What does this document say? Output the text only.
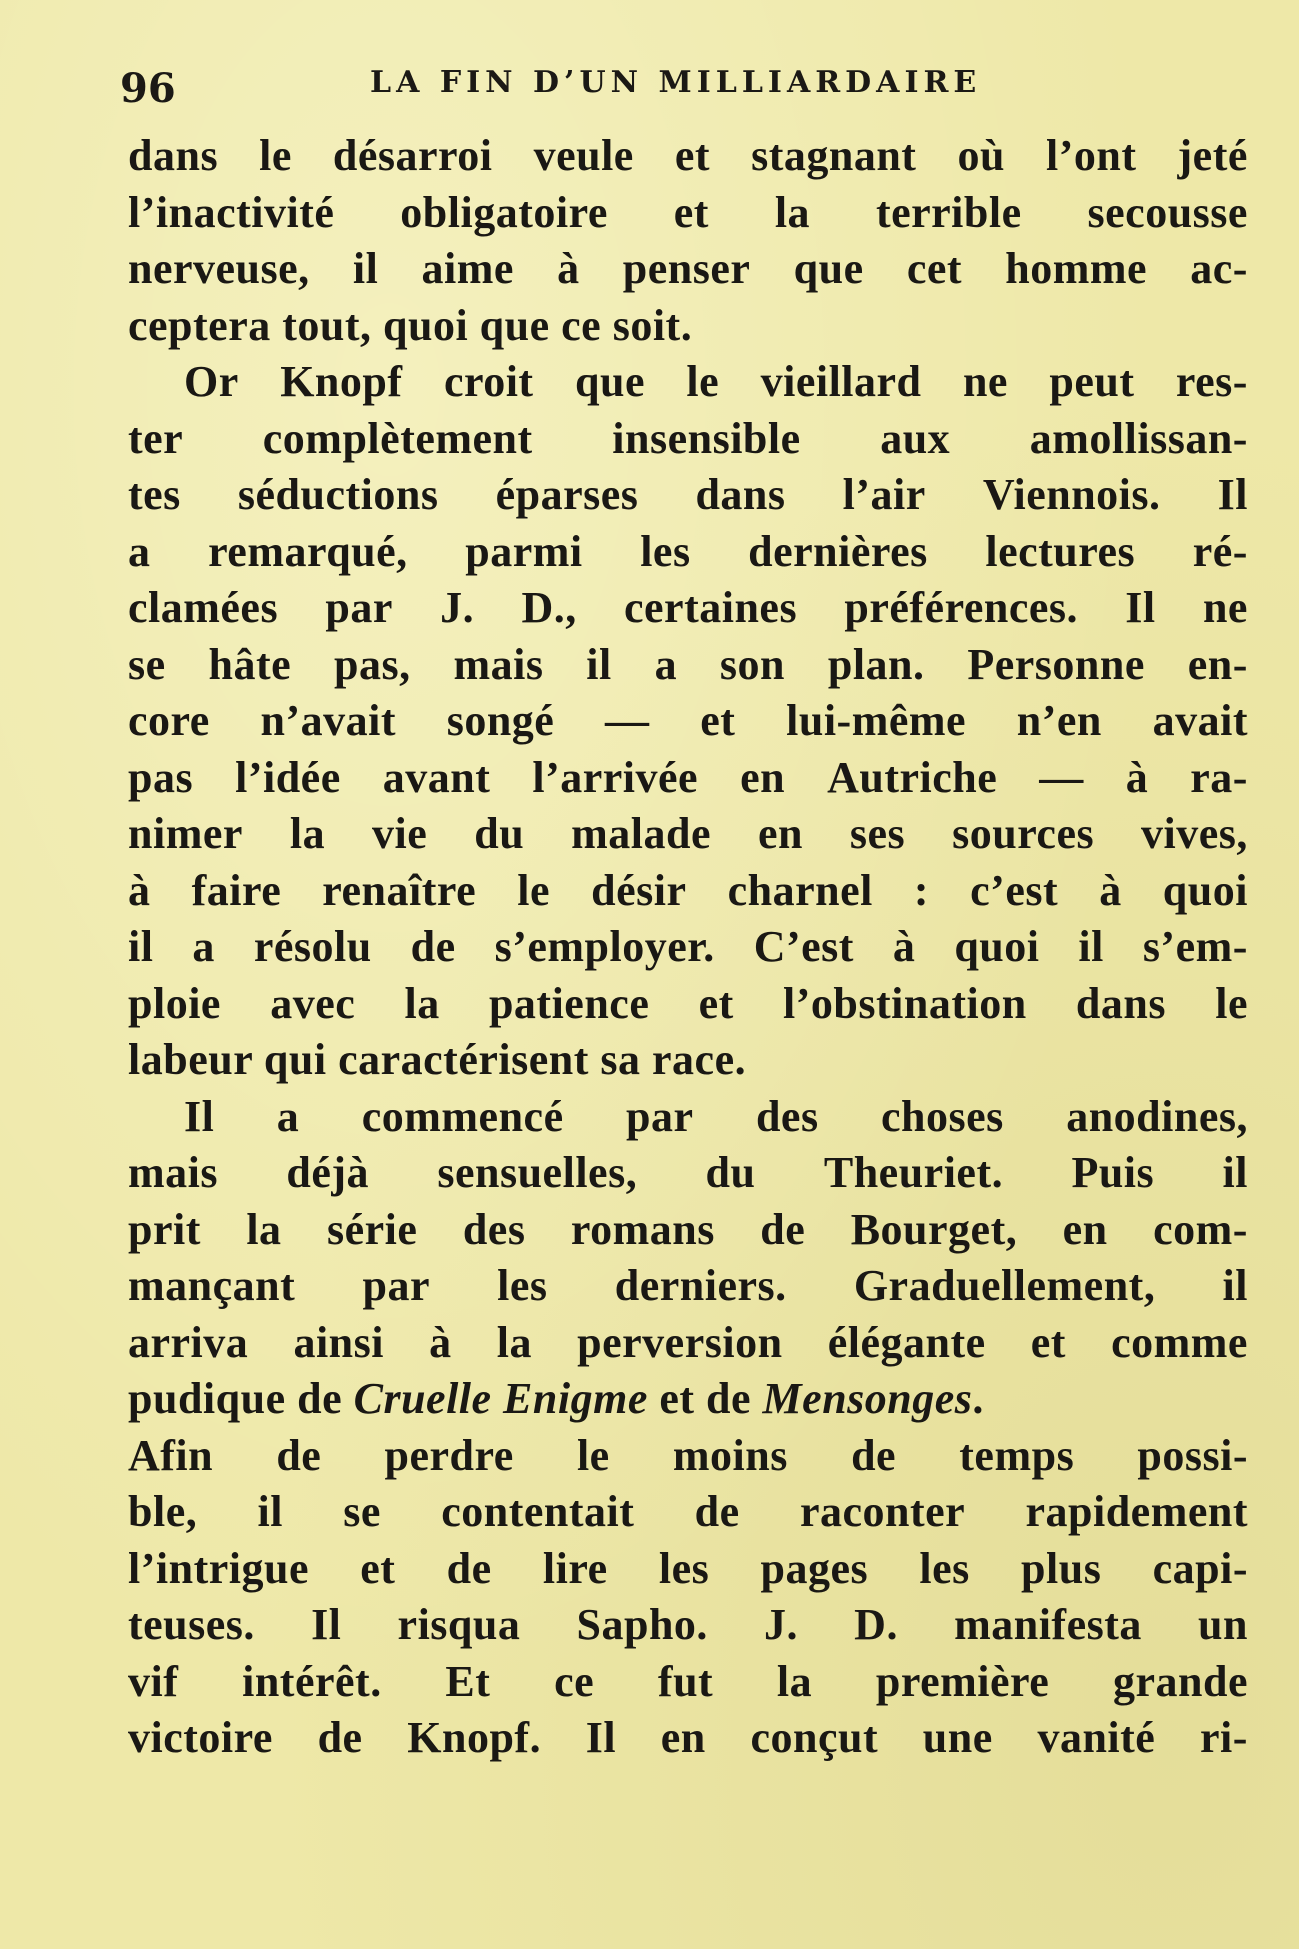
96	LA FIN D’UN MILLIARDAIRE
dans le désarroi veule et stagnant où l’ont jeté
l’inactivité obligatoire et la terrible secousse
nerveuse, il aime à penser que cet homme ac-
ceptera tout, quoi que ce soit.
Or Knopf croit que le vieillard ne peut res-
ter complètement insensible aux amollissan-
tes séductions éparses dans l’air Viennois. Il
a remarqué, parmi les dernières lectures ré-
clamées par J. D., certaines préférences. Il ne
se hâte pas, mais il a son plan. Personne en-
core n’avait songé — et lui-même n’en avait
pas l’idée avant l’arrivée en Autriche — à ra-
nimer la vie du malade en ses sources vives,
à faire renaître le désir charnel : c’est à quoi
il a résolu de s’employer. C’est à quoi il s’em-
ploie avec la patience et l’obstination dans le
labeur qui caractérisent sa race.
Il a commencé par des choses anodines,
mais déjà sensuelles, du Theuriet. Puis il
prit la série des romans de Bourget, en com-
mançant par les derniers. Graduellement, il
arriva ainsi à la perversion élégante et comme
pudique de Cruelle Enigme et de Mensonges.
Afin de perdre le moins de temps possi-
ble, il se contentait de raconter rapidement
l’intrigue et de lire les pages les plus capi-
teuses. Il risqua Sapho. J. D. manifesta un
vif intérêt. Et ce fut la première grande
victoire de Knopf. Il en conçut une vanité ri-
